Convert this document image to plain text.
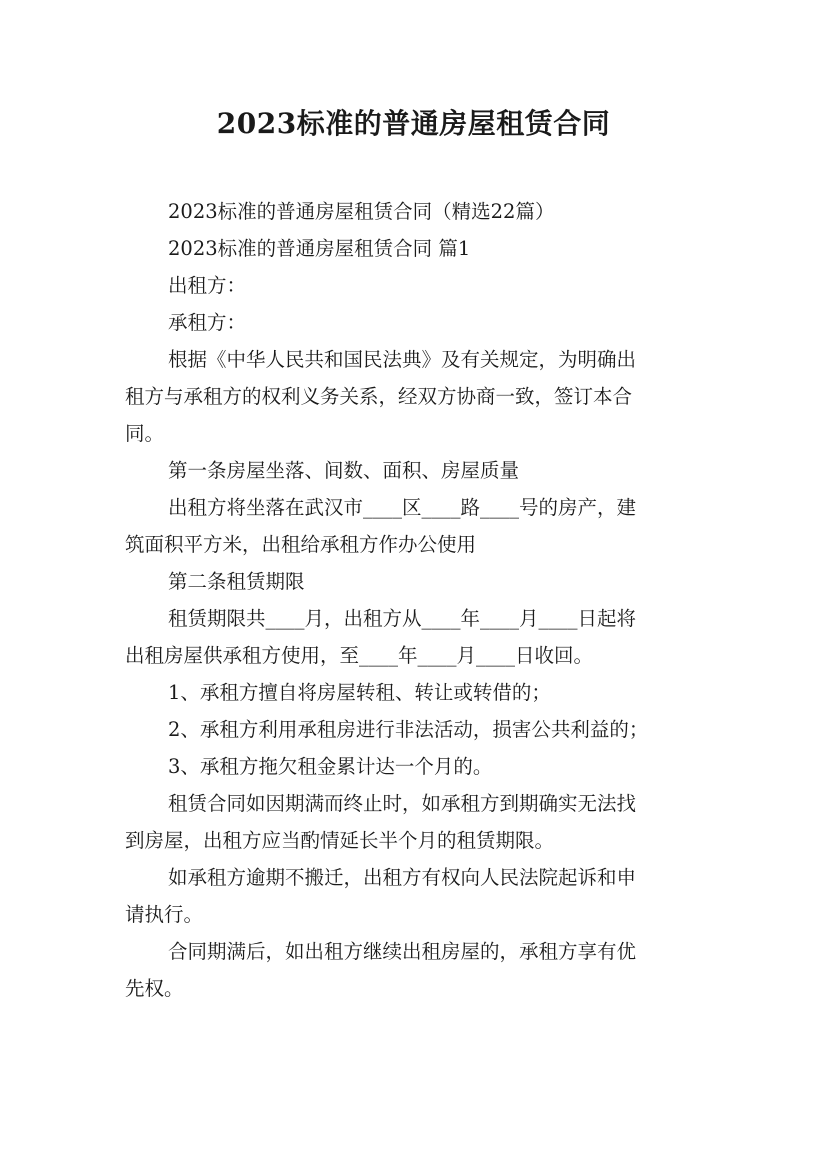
2023标准的普通房屋租赁合同

2023标准的普通房屋租赁合同（精选22篇）

2023标准的普通房屋租赁合同 篇1

出租方：

承租方：

根据《中华人民共和国民法典》及有关规定，为明确出
租方与承租方的权利义务关系，经双方协商一致，签订本合
同。

第一条房屋坐落、间数、面积、房屋质量

出租方将坐落在武汉市____区____路____号的房产，建
筑面积平方米，出租给承租方作办公使用

第二条租赁期限

租赁期限共____月，出租方从____年____月____日起将
出租房屋供承租方使用，至____年____月____日收回。

1、承租方擅自将房屋转租、转让或转借的；

2、承租方利用承租房进行非法活动，损害公共利益的；

3、承租方拖欠租金累计达一个月的。

租赁合同如因期满而终止时，如承租方到期确实无法找
到房屋，出租方应当酌情延长半个月的租赁期限。

如承租方逾期不搬迁，出租方有权向人民法院起诉和申
请执行。

合同期满后，如出租方继续出租房屋的，承租方享有优
先权。
